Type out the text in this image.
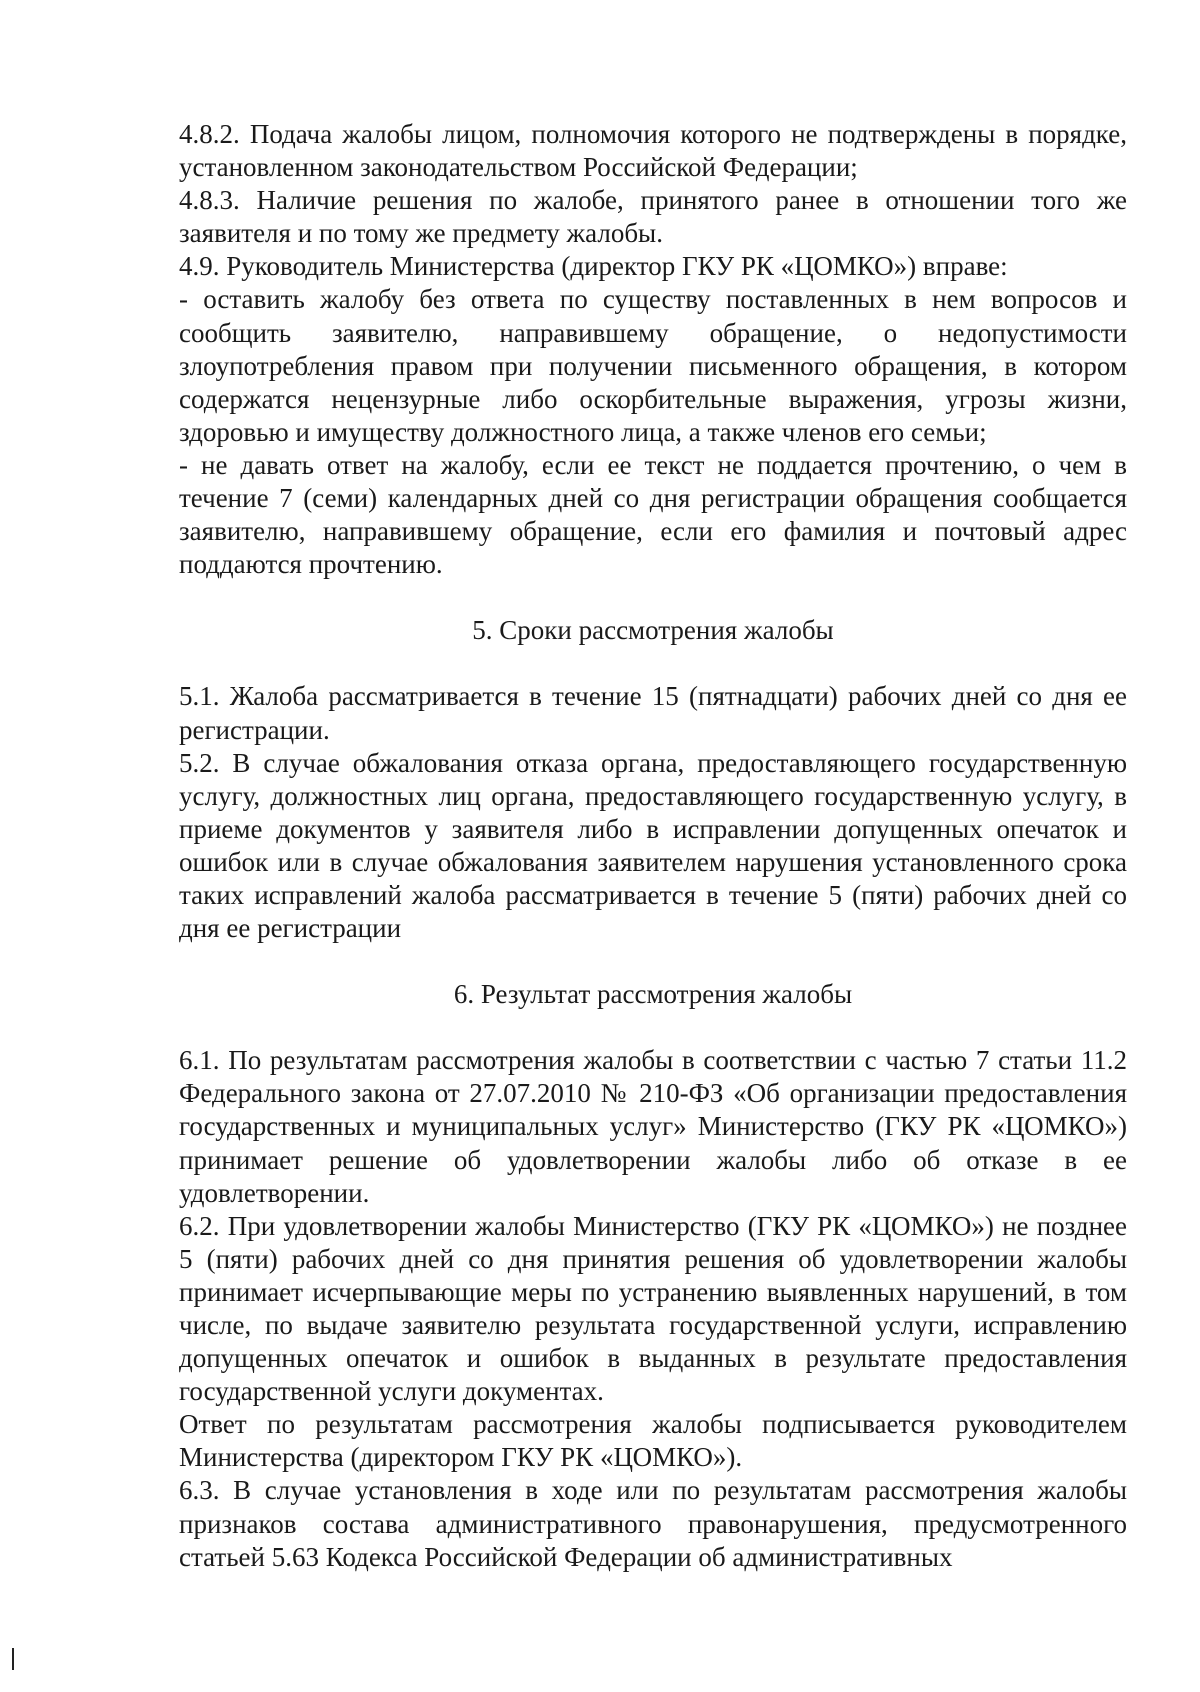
4.8.2. Подача жалобы лицом, полномочия которого не подтверждены в порядке, установленном законодательством Российской Федерации;

4.8.3. Наличие решения по жалобе, принятого ранее в отношении того же заявителя и по тому же предмету жалобы.

4.9. Руководитель Министерства (директор ГКУ РК «ЦОМКО») вправе:

- оставить жалобу без ответа по существу поставленных в нем вопросов и сообщить заявителю, направившему обращение, о недопустимости злоупотребления правом при получении письменного обращения, в котором содержатся нецензурные либо оскорбительные выражения, угрозы жизни, здоровью и имуществу должностного лица, а также членов его семьи;

- не давать ответ на жалобу, если ее текст не поддается прочтению, о чем в течение 7 (семи) календарных дней со дня регистрации обращения сообщается заявителю, направившему обращение, если его фамилия и почтовый адрес поддаются прочтению.

5. Сроки рассмотрения жалобы

5.1. Жалоба рассматривается в течение 15 (пятнадцати) рабочих дней со дня ее регистрации.

5.2. В случае обжалования отказа органа, предоставляющего государственную услугу, должностных лиц органа, предоставляющего государственную услугу, в приеме документов у заявителя либо в исправлении допущенных опечаток и ошибок или в случае обжалования заявителем нарушения установленного срока таких исправлений жалоба рассматривается в течение 5 (пяти) рабочих дней со дня ее регистрации

6. Результат рассмотрения жалобы

6.1. По результатам рассмотрения жалобы в соответствии с частью 7 статьи 11.2 Федерального закона от 27.07.2010 № 210-ФЗ «Об организации предоставления государственных и муниципальных услуг» Министерство (ГКУ РК «ЦОМКО») принимает решение об удовлетворении жалобы либо об отказе в ее удовлетворении.

6.2. При удовлетворении жалобы Министерство (ГКУ РК «ЦОМКО») не позднее 5 (пяти) рабочих дней со дня принятия решения об удовлетворении жалобы принимает исчерпывающие меры по устранению выявленных нарушений, в том числе, по выдаче заявителю результата государственной услуги, исправлению допущенных опечаток и ошибок в выданных в результате предоставления государственной услуги документах.

Ответ по результатам рассмотрения жалобы подписывается руководителем Министерства (директором ГКУ РК «ЦОМКО»).

6.3. В случае установления в ходе или по результатам рассмотрения жалобы признаков состава административного правонарушения, предусмотренного статьей 5.63 Кодекса Российской Федерации об административных
